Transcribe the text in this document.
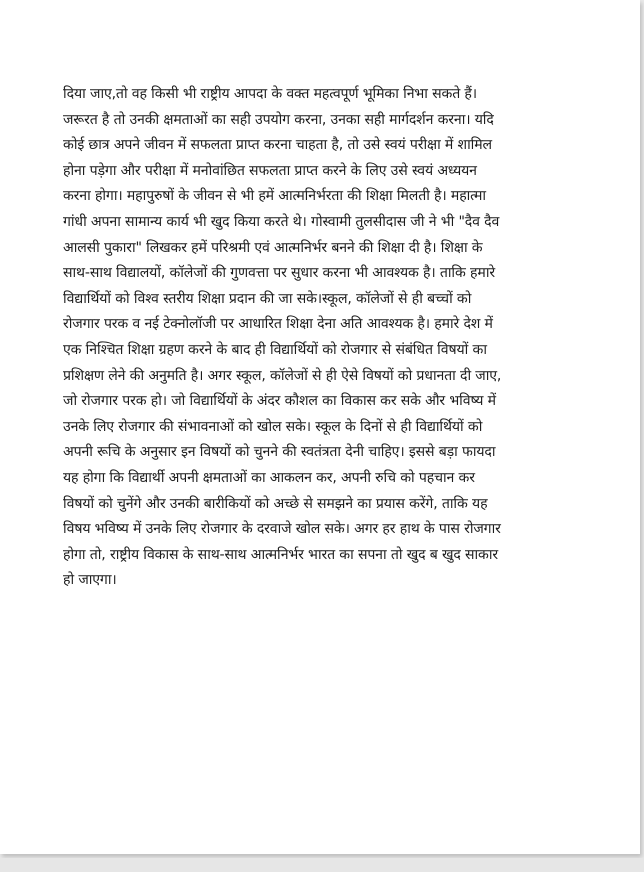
दिया जाए,तो वह किसी भी राष्ट्रीय आपदा के वक्त महत्वपूर्ण भूमिका निभा सकते हैं।
जरूरत है तो उनकी क्षमताओं का सही उपयोग करना, उनका सही मार्गदर्शन करना। यदि
कोई छात्र अपने जीवन में सफलता प्राप्त करना चाहता है, तो उसे स्वयं परीक्षा में शामिल
होना पड़ेगा और परीक्षा में मनोवांछित सफलता प्राप्त करने के लिए उसे स्वयं अध्ययन
करना होगा। महापुरुषों के जीवन से भी हमें आत्मनिर्भरता की शिक्षा मिलती है। महात्मा
गांधी अपना सामान्य कार्य भी खुद किया करते थे। गोस्वामी तुलसीदास जी ने भी "दैव दैव
आलसी पुकारा" लिखकर हमें परिश्रमी एवं आत्मनिर्भर बनने की शिक्षा दी है। शिक्षा के
साथ-साथ विद्यालयों, कॉलेजों की गुणवत्ता पर सुधार करना भी आवश्यक है। ताकि हमारे
विद्यार्थियों को विश्व स्तरीय शिक्षा प्रदान की जा सके।स्कूल, कॉलेजों से ही बच्चों को
रोजगार परक व नई टेक्नोलॉजी पर आधारित शिक्षा देना अति आवश्यक है। हमारे देश में
एक निश्चित शिक्षा ग्रहण करने के बाद ही विद्यार्थियों को रोजगार से संबंधित विषयों का
प्रशिक्षण लेने की अनुमति है। अगर स्कूल, कॉलेजों से ही ऐसे विषयों को प्रधानता दी जाए,
जो रोजगार परक हो। जो विद्यार्थियों के अंदर कौशल का विकास कर सके और भविष्य में
उनके लिए रोजगार की संभावनाओं को खोल सके। स्कूल के दिनों से ही विद्यार्थियों को
अपनी रूचि के अनुसार इन विषयों को चुनने की स्वतंत्रता देनी चाहिए। इससे बड़ा फायदा
यह होगा कि विद्यार्थी अपनी क्षमताओं का आकलन कर, अपनी रुचि को पहचान कर
विषयों को चुनेंगे और उनकी बारीकियों को अच्छे से समझने का प्रयास करेंगे, ताकि यह
विषय भविष्य में उनके लिए रोजगार के दरवाजे खोल सके। अगर हर हाथ के पास रोजगार
होगा तो, राष्ट्रीय विकास के साथ-साथ आत्मनिर्भर भारत का सपना तो खुद ब खुद साकार
हो जाएगा।
